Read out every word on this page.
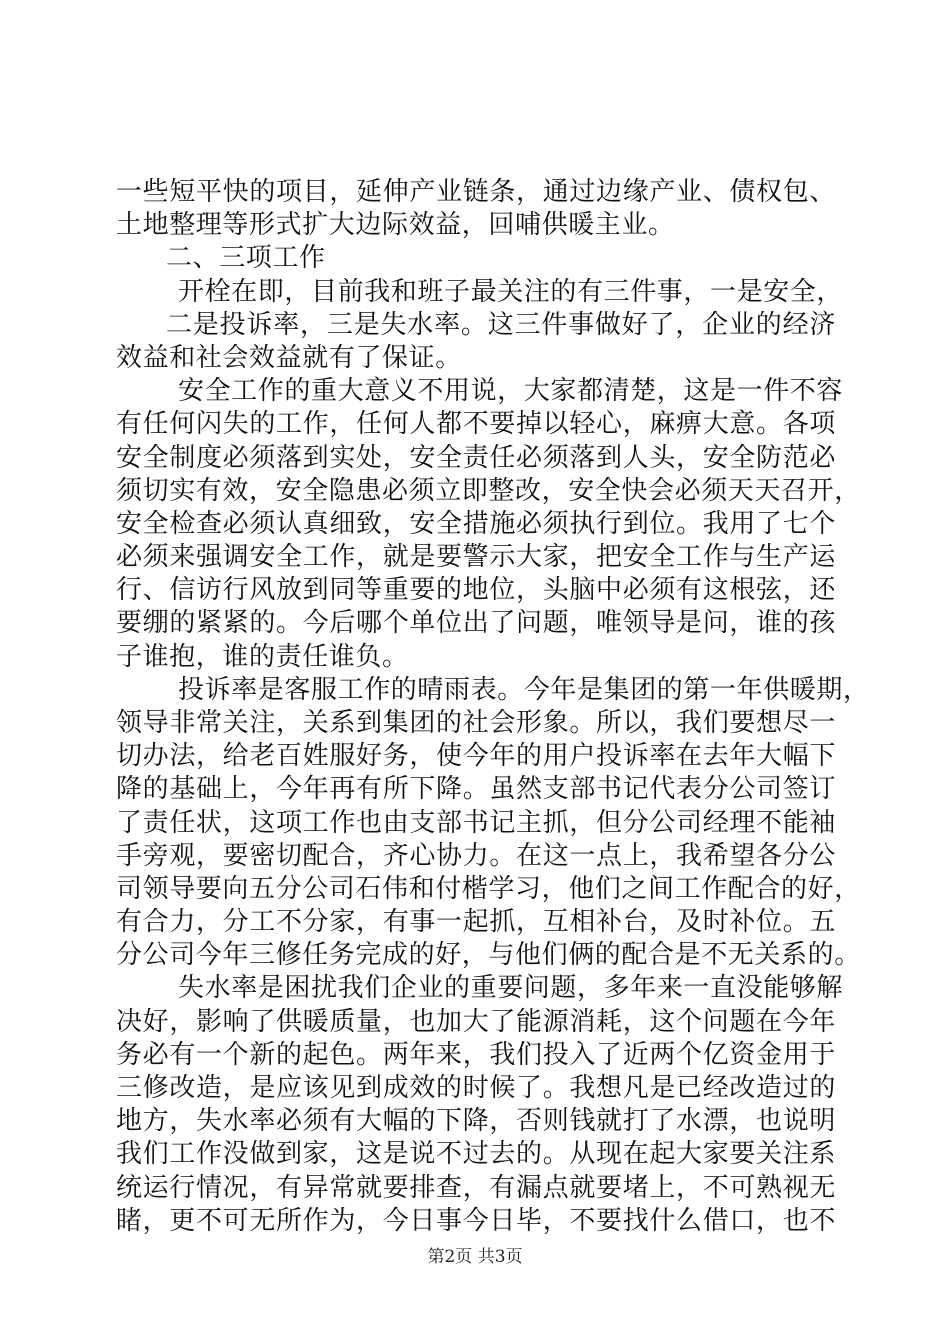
一些短平快的项目，延伸产业链条，通过边缘产业、债权包、
土地整理等形式扩大边际效益，回哺供暖主业。
二、三项工作
开栓在即，目前我和班子最关注的有三件事，一是安全，
二是投诉率，三是失水率。这三件事做好了，企业的经济
效益和社会效益就有了保证。
安全工作的重大意义不用说，大家都清楚，这是一件不容
有任何闪失的工作，任何人都不要掉以轻心，麻痹大意。各项
安全制度必须落到实处，安全责任必须落到人头，安全防范必
须切实有效，安全隐患必须立即整改，安全快会必须天天召开，
安全检查必须认真细致，安全措施必须执行到位。我用了七个
必须来强调安全工作，就是要警示大家，把安全工作与生产运
行、信访行风放到同等重要的地位，头脑中必须有这根弦，还
要绷的紧紧的。今后哪个单位出了问题，唯领导是问，谁的孩
子谁抱，谁的责任谁负。
投诉率是客服工作的晴雨表。今年是集团的第一年供暖期，
领导非常关注，关系到集团的社会形象。所以，我们要想尽一
切办法，给老百姓服好务，使今年的用户投诉率在去年大幅下
降的基础上，今年再有所下降。虽然支部书记代表分公司签订
了责任状，这项工作也由支部书记主抓，但分公司经理不能袖
手旁观，要密切配合，齐心协力。在这一点上，我希望各分公
司领导要向五分公司石伟和付楷学习，他们之间工作配合的好，
有合力，分工不分家，有事一起抓，互相补台，及时补位。五
分公司今年三修任务完成的好，与他们俩的配合是不无关系的。
失水率是困扰我们企业的重要问题，多年来一直没能够解
决好，影响了供暖质量，也加大了能源消耗，这个问题在今年
务必有一个新的起色。两年来，我们投入了近两个亿资金用于
三修改造，是应该见到成效的时候了。我想凡是已经改造过的
地方，失水率必须有大幅的下降，否则钱就打了水漂，也说明
我们工作没做到家，这是说不过去的。从现在起大家要关注系
统运行情况，有异常就要排查，有漏点就要堵上，不可熟视无
睹，更不可无所作为，今日事今日毕，不要找什么借口，也不
第2页 共3页
